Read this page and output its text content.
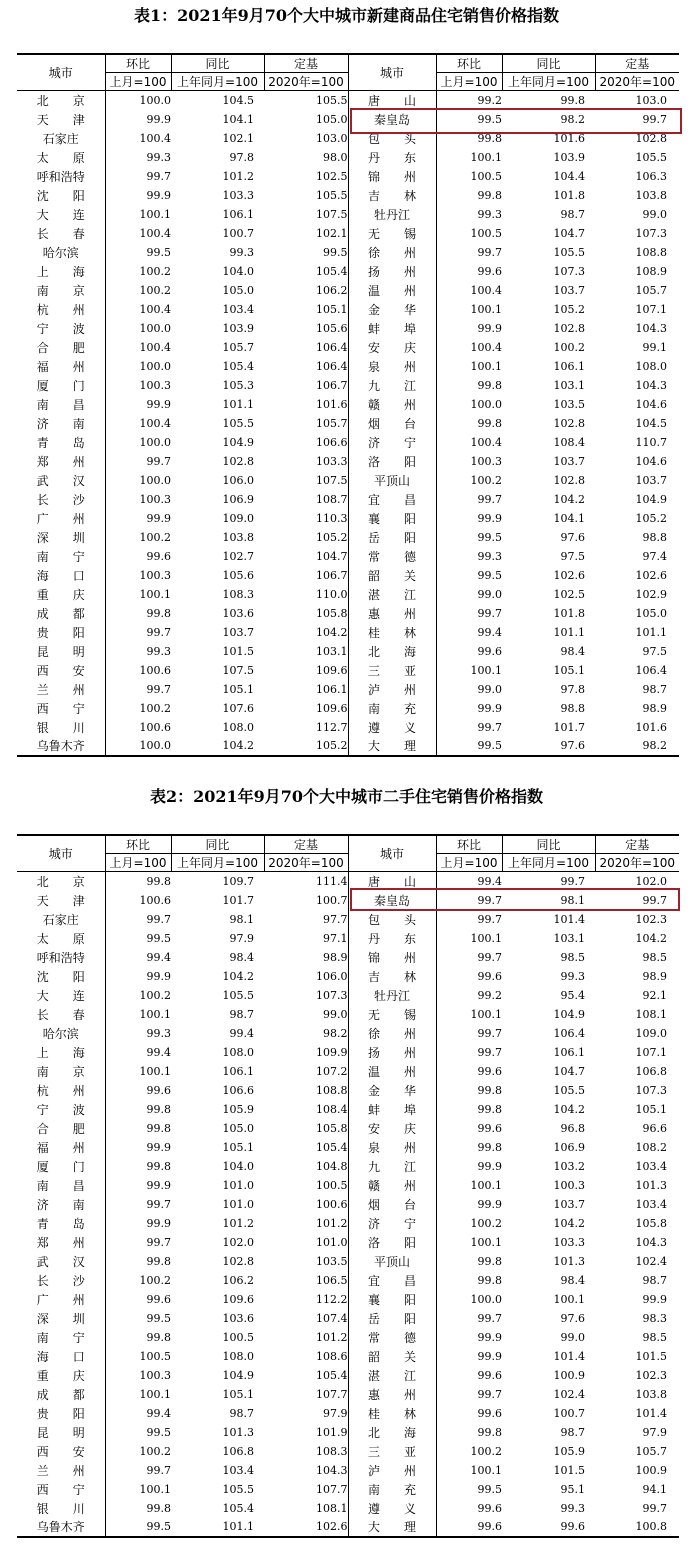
表1：2021年9月70个大中城市新建商品住宅销售价格指数
城市	环比	同比	定基	城市	环比	同比	定基
	上月=100	上年同月=100	2020年=100		上月=100	上年同月=100	2020年=100
北　　京	100.0	104.5	105.5	唐　　山	99.2	99.8	103.0
天　　津	99.9	104.1	105.0	秦皇岛	99.5	98.2	99.7
石家庄	100.4	102.1	103.0	包　　头	99.8	101.6	102.8
太　　原	99.3	97.8	98.0	丹　　东	100.1	103.9	105.5
呼和浩特	99.7	101.2	102.5	锦　　州	100.5	104.4	106.3
沈　　阳	99.9	103.3	105.5	吉　　林	99.8	101.8	103.8
大　　连	100.1	106.1	107.5	牡丹江	99.3	98.7	99.0
长　　春	100.4	100.7	102.1	无　　锡	100.5	104.7	107.3
哈尔滨	99.5	99.3	99.5	徐　　州	99.7	105.5	108.8
上　　海	100.2	104.0	105.4	扬　　州	99.6	107.3	108.9
南　　京	100.2	105.0	106.2	温　　州	100.4	103.7	105.7
杭　　州	100.4	103.4	105.1	金　　华	100.1	105.2	107.1
宁　　波	100.0	103.9	105.6	蚌　　埠	99.9	102.8	104.3
合　　肥	100.4	105.7	106.4	安　　庆	100.4	100.2	99.1
福　　州	100.0	105.4	106.4	泉　　州	100.1	106.1	108.0
厦　　门	100.3	105.3	106.7	九　　江	99.8	103.1	104.3
南　　昌	99.9	101.1	101.6	赣　　州	100.0	103.5	104.6
济　　南	100.4	105.5	105.7	烟　　台	99.8	102.8	104.5
青　　岛	100.0	104.9	106.6	济　　宁	100.4	108.4	110.7
郑　　州	99.7	102.8	103.3	洛　　阳	100.3	103.7	104.6
武　　汉	100.0	106.0	107.5	平顶山	100.2	102.8	103.7
长　　沙	100.3	106.9	108.7	宜　　昌	99.7	104.2	104.9
广　　州	99.9	109.0	110.3	襄　　阳	99.9	104.1	105.2
深　　圳	100.2	103.8	105.2	岳　　阳	99.5	97.6	98.8
南　　宁	99.6	102.7	104.7	常　　德	99.3	97.5	97.4
海　　口	100.3	105.6	106.7	韶　　关	99.5	102.6	102.6
重　　庆	100.1	108.3	110.0	湛　　江	99.0	102.5	102.9
成　　都	99.8	103.6	105.8	惠　　州	99.7	101.8	105.0
贵　　阳	99.7	103.7	104.2	桂　　林	99.4	101.1	101.1
昆　　明	99.3	101.5	103.1	北　　海	99.6	98.4	97.5
西　　安	100.6	107.5	109.6	三　　亚	100.1	105.1	106.4
兰　　州	99.7	105.1	106.1	泸　　州	99.0	97.8	98.7
西　　宁	100.2	107.6	109.6	南　　充	99.9	98.8	98.9
银　　川	100.6	108.0	112.7	遵　　义	99.7	101.7	101.6
乌鲁木齐	100.0	104.2	105.2	大　　理	99.5	97.6	98.2
表2：2021年9月70个大中城市二手住宅销售价格指数
城市	环比	同比	定基	城市	环比	同比	定基
	上月=100	上年同月=100	2020年=100		上月=100	上年同月=100	2020年=100
北　　京	99.8	109.7	111.4	唐　　山	99.4	99.7	102.0
天　　津	100.6	101.7	100.7	秦皇岛	99.7	98.1	99.7
石家庄	99.7	98.1	97.7	包　　头	99.7	101.4	102.3
太　　原	99.5	97.9	97.1	丹　　东	100.1	103.1	104.2
呼和浩特	99.4	98.4	98.9	锦　　州	99.7	98.5	98.5
沈　　阳	99.9	104.2	106.0	吉　　林	99.6	99.3	98.9
大　　连	100.2	105.5	107.3	牡丹江	99.2	95.4	92.1
长　　春	100.1	98.7	99.0	无　　锡	100.1	104.9	108.1
哈尔滨	99.3	99.4	98.2	徐　　州	99.7	106.4	109.0
上　　海	99.4	108.0	109.9	扬　　州	99.7	106.1	107.1
南　　京	100.1	106.1	107.2	温　　州	99.6	104.7	106.8
杭　　州	99.6	106.6	108.8	金　　华	99.8	105.5	107.3
宁　　波	99.8	105.9	108.4	蚌　　埠	99.8	104.2	105.1
合　　肥	99.8	105.0	105.8	安　　庆	99.6	96.8	96.6
福　　州	99.9	105.1	105.4	泉　　州	99.8	106.9	108.2
厦　　门	99.8	104.0	104.8	九　　江	99.9	103.2	103.4
南　　昌	99.9	101.0	100.5	赣　　州	100.1	100.3	101.3
济　　南	99.7	101.0	100.6	烟　　台	99.9	103.7	103.4
青　　岛	99.9	101.2	101.2	济　　宁	100.2	104.2	105.8
郑　　州	99.7	102.0	101.0	洛　　阳	100.1	103.3	104.3
武　　汉	99.8	102.8	103.5	平顶山	99.8	101.3	102.4
长　　沙	100.2	106.2	106.5	宜　　昌	99.8	98.4	98.7
广　　州	99.6	109.6	112.2	襄　　阳	100.0	100.1	99.9
深　　圳	99.5	103.6	107.4	岳　　阳	99.7	97.6	98.3
南　　宁	99.8	100.5	101.2	常　　德	99.9	99.0	98.5
海　　口	100.5	108.0	108.6	韶　　关	99.9	101.4	101.5
重　　庆	100.3	104.9	105.4	湛　　江	99.6	100.9	102.3
成　　都	100.1	105.1	107.7	惠　　州	99.7	102.4	103.8
贵　　阳	99.4	98.7	97.9	桂　　林	99.6	100.7	101.4
昆　　明	99.5	101.3	101.9	北　　海	99.8	98.7	97.9
西　　安	100.2	106.8	108.3	三　　亚	100.2	105.9	105.7
兰　　州	99.7	103.4	104.3	泸　　州	100.1	101.5	100.9
西　　宁	100.1	105.5	107.7	南　　充	99.5	95.1	94.1
银　　川	99.8	105.4	108.1	遵　　义	99.6	99.3	99.7
乌鲁木齐	99.5	101.1	102.6	大　　理	99.6	99.6	100.8
